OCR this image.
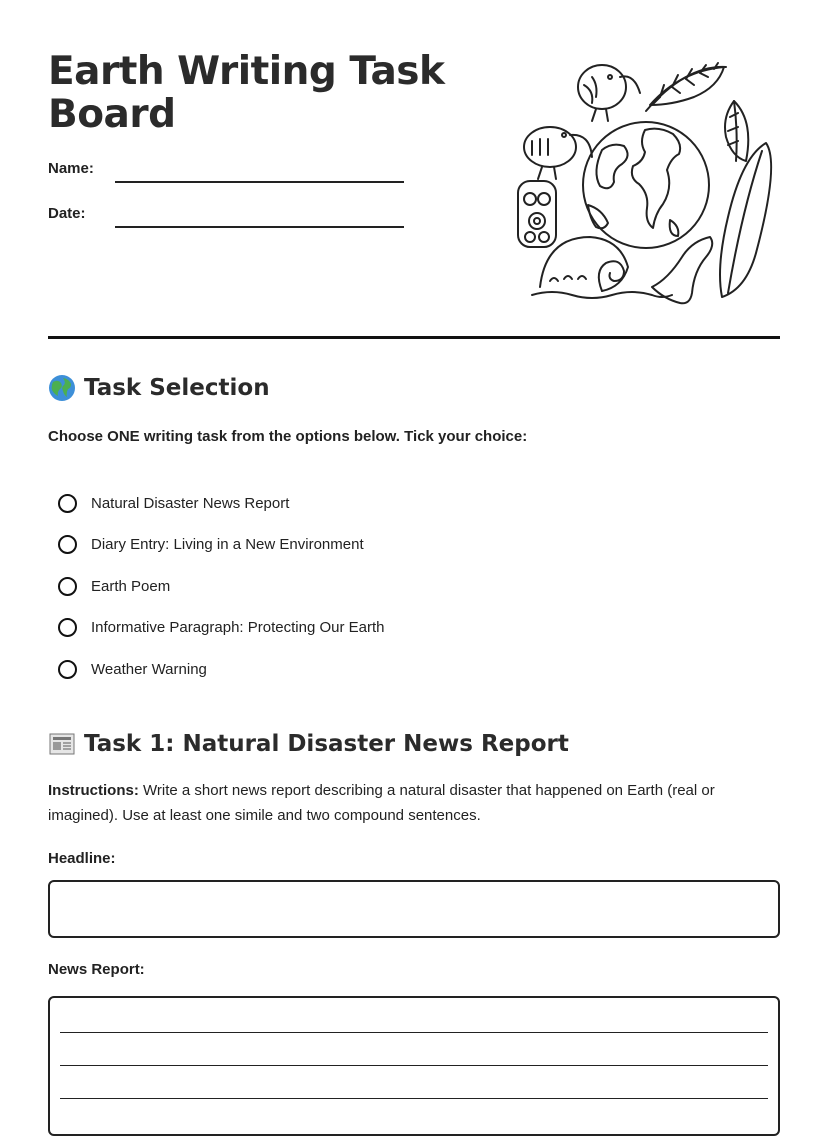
Earth Writing Task Board
Name:
Date:
Task Selection
Choose ONE writing task from the options below. Tick your choice:
Natural Disaster News Report
Diary Entry: Living in a New Environment
Earth Poem
Informative Paragraph: Protecting Our Earth
Weather Warning
Task 1: Natural Disaster News Report

Instructions: Write a short news report describing a natural disaster that happened on Earth (real or imagined). Use at least one simile and two compound sentences.

Headline:
News Report:
